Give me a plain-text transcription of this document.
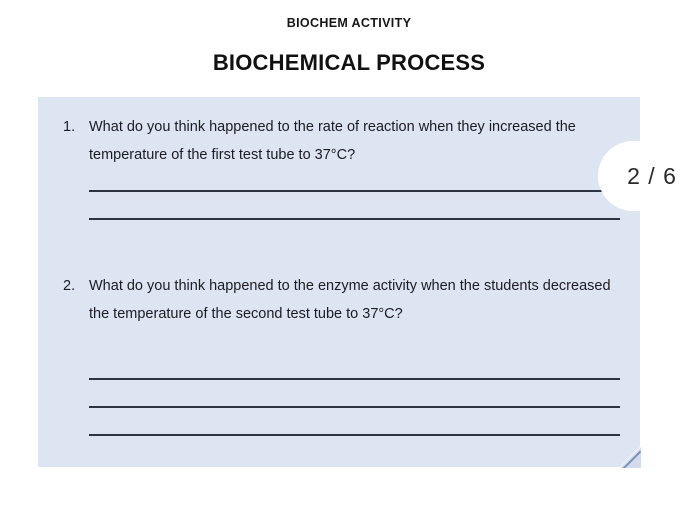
BIOCHEM ACTIVITY
BIOCHEMICAL PROCESS
1. What do you think happened to the rate of reaction when they increased the temperature of the first test tube to 37°C?
2. What do you think happened to the enzyme activity when the students decreased the temperature of the second test tube to 37°C?
2 / 6
